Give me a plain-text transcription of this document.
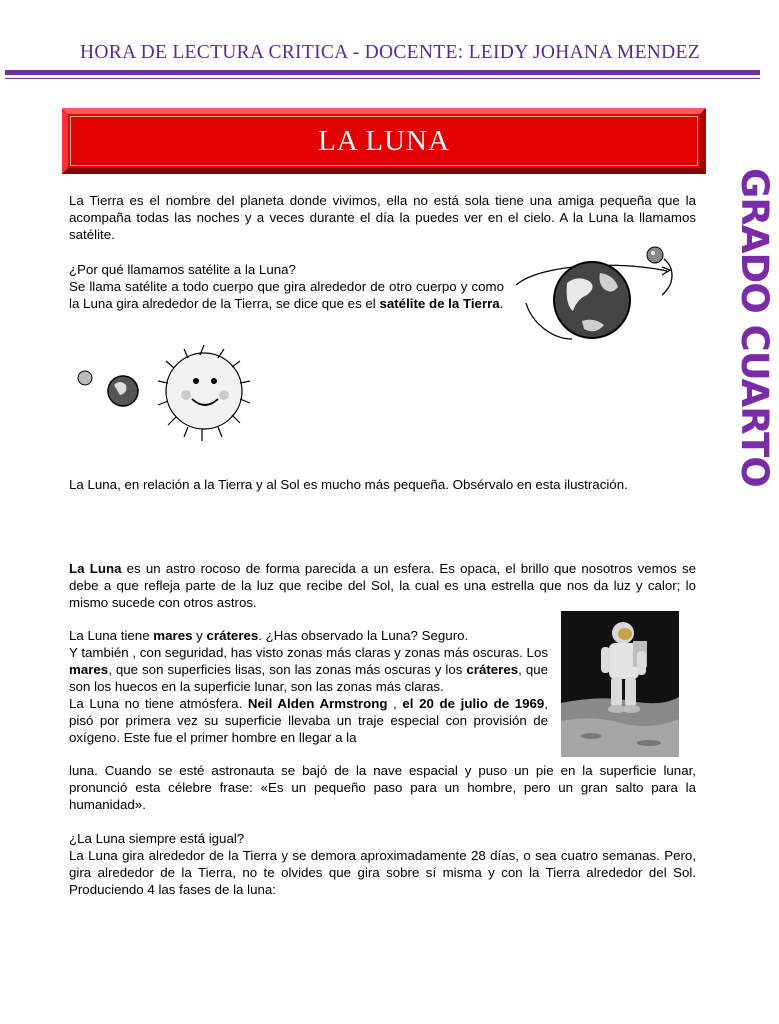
HORA DE LECTURA CRITICA - DOCENTE: LEIDY JOHANA MENDEZ
LA LUNA
GRADO CUARTO
La Tierra es el nombre del planeta donde vivimos, ella no está sola tiene una amiga pequeña que la acompaña todas las noches y a veces durante el día la puedes ver en el cielo. A la Luna la llamamos satélite.
¿Por qué llamamos satélite a la Luna?
Se llama satélite a todo cuerpo que gira alrededor de otro cuerpo y como la Luna gira alrededor de la Tierra, se dice que es el satélite de la Tierra.
La Luna, en relación a la Tierra y al Sol es mucho más pequeña. Obsérvalo en esta ilustración.
La Luna es un astro rocoso de forma parecida a un esfera. Es opaca, el brillo que nosotros vemos se debe a que refleja parte de la luz que recibe del Sol, la cual es una estrella que nos da luz y calor; lo mismo sucede con otros astros.
La Luna tiene mares y cráteres. ¿Has observado la Luna? Seguro.
Y también , con seguridad, has visto zonas más claras y zonas más oscuras. Los mares, que son superficies lisas, son las zonas más oscuras y los cráteres, que son los huecos en la superficie lunar, son las zonas más claras.
La Luna no tiene atmósfera. Neil Alden Armstrong , el 20 de julio de 1969, pisó por primera vez su superficie llevaba un traje especial con provisión de oxígeno. Este fue el primer hombre en llegar a la
luna. Cuando se esté astronauta se bajó de la nave espacial y puso un pie en la superficie lunar, pronunció esta célebre frase: «Es un pequeño paso para un hombre, pero un gran salto para la humanidad».
¿La Luna siempre está igual?
La Luna gira alrededor de la Tierra y se demora aproximadamente 28 días, o sea cuatro semanas. Pero, gira alrededor de la Tierra, no te olvides que gira sobre sí misma y con la Tierra alrededor del Sol. Produciendo 4 las fases de la luna:
